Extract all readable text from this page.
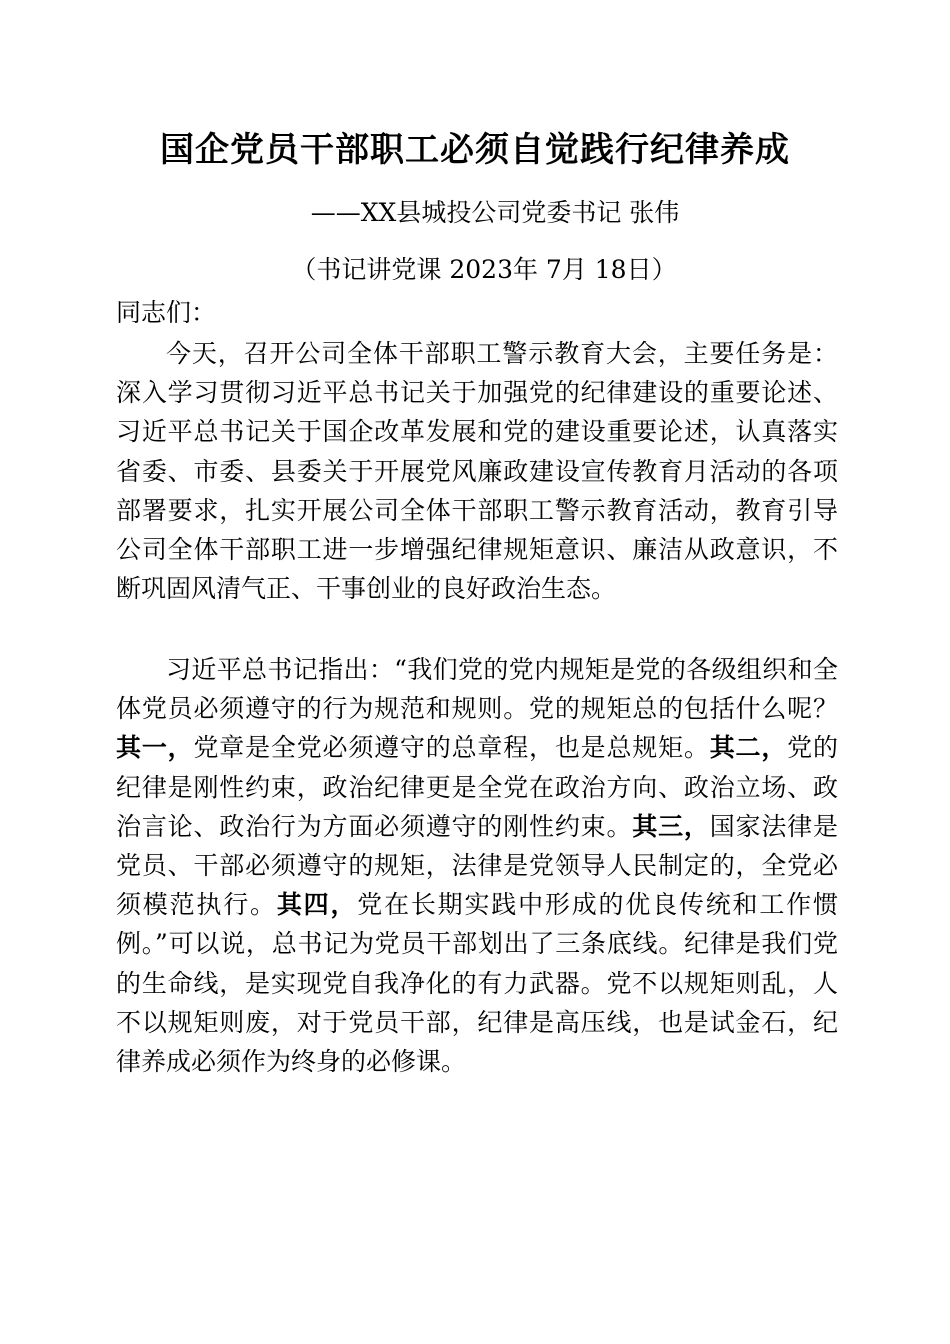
国企党员干部职工必须自觉践行纪律养成
——XX县城投公司党委书记 张伟
（书记讲党课 2023年 7月 18日）
同志们：

今天，召开公司全体干部职工警示教育大会，主要任务是：深入学习贯彻习近平总书记关于加强党的纪律建设的重要论述、习近平总书记关于国企改革发展和党的建设重要论述，认真落实省委、市委、县委关于开展党风廉政建设宣传教育月活动的各项部署要求，扎实开展公司全体干部职工警示教育活动，教育引导公司全体干部职工进一步增强纪律规矩意识、廉洁从政意识，不断巩固风清气正、干事创业的良好政治生态。

习近平总书记指出：“我们党的党内规矩是党的各级组织和全体党员必须遵守的行为规范和规则。党的规矩总的包括什么呢？其一，党章是全党必须遵守的总章程，也是总规矩。其二，党的纪律是刚性约束，政治纪律更是全党在政治方向、政治立场、政治言论、政治行为方面必须遵守的刚性约束。其三，国家法律是党员、干部必须遵守的规矩，法律是党领导人民制定的，全党必须模范执行。其四，党在长期实践中形成的优良传统和工作惯例。”可以说，总书记为党员干部划出了三条底线。纪律是我们党的生命线，是实现党自我净化的有力武器。党不以规矩则乱，人不以规矩则废，对于党员干部，纪律是高压线，也是试金石，纪律养成必须作为终身的必修课。
